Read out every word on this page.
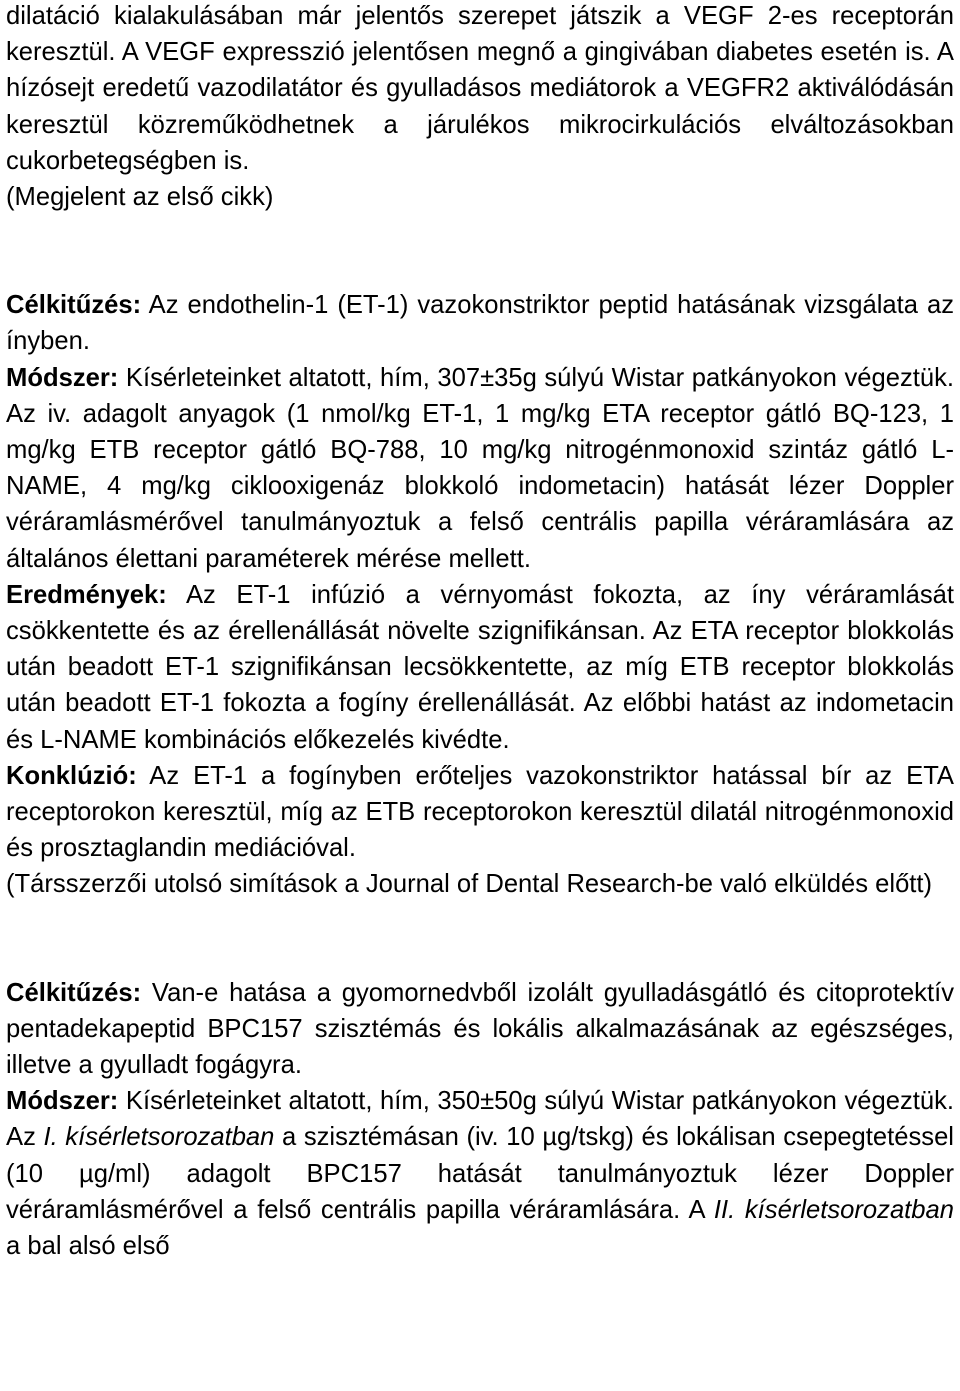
dilatáció kialakulásában már jelentős szerepet játszik a VEGF 2-es receptorán keresztül. A VEGF expresszió jelentősen megnő a gingivában diabetes esetén is. A hízósejt eredetű vazodilatátor és gyulladásos mediátorok a VEGFR2 aktiválódásán keresztül közreműködhetnek a járulékos mikrocirkulációs elváltozásokban cukorbetegségben is.
(Megjelent az első cikk)

Célkitűzés: Az endothelin-1 (ET-1) vazokonstriktor peptid hatásának vizsgálata az ínyben.

Módszer: Kísérleteinket altatott, hím, 307±35g súlyú Wistar patkányokon végeztük. Az iv. adagolt anyagok (1 nmol/kg ET-1, 1 mg/kg ETA receptor gátló BQ-123, 1 mg/kg ETB receptor gátló BQ-788, 10 mg/kg nitrogénmonoxid szintáz gátló L-NAME, 4 mg/kg ciklooxigenáz blokkoló indometacin) hatását lézer Doppler véráramlásmérővel tanulmányoztuk a felső centrális papilla véráramlására az általános élettani paraméterek mérése mellett.

Eredmények: Az ET-1 infúzió a vérnyomást fokozta, az íny véráramlását csökkentette és az érellenállását növelte szignifikánsan. Az ETA receptor blokkolás után beadott ET-1 szignifikánsan lecsökkentette, az míg ETB receptor blokkolás után beadott ET-1 fokozta a fogíny érellenállását. Az előbbi hatást az indometacin és L-NAME kombinációs előkezelés kivédte.

Konklúzió: Az ET-1 a fogínyben erőteljes vazokonstriktor hatással bír az ETA receptorokon keresztül, míg az ETB receptorokon keresztül dilatál nitrogénmonoxid és prosztaglandin mediációval.

(Társszerzői utolsó simítások a Journal of Dental Research-be való elküldés előtt)

Célkitűzés: Van-e hatása a gyomornedvből izolált gyulladásgátló és citoprotektív pentadekapeptid BPC157 szisztémás és lokális alkalmazásának az egészséges, illetve a gyulladt fogágyra.

Módszer: Kísérleteinket altatott, hím, 350±50g súlyú Wistar patkányokon végeztük. Az I. kísérletsorozatban a szisztémásan (iv. 10 µg/tskg) és lokálisan csepegtetéssel (10 µg/ml) adagolt BPC157 hatását tanulmányoztuk lézer Doppler véráramlásmérővel a felső centrális papilla véráramlására. A II. kísérletsorozatban a bal alsó első
